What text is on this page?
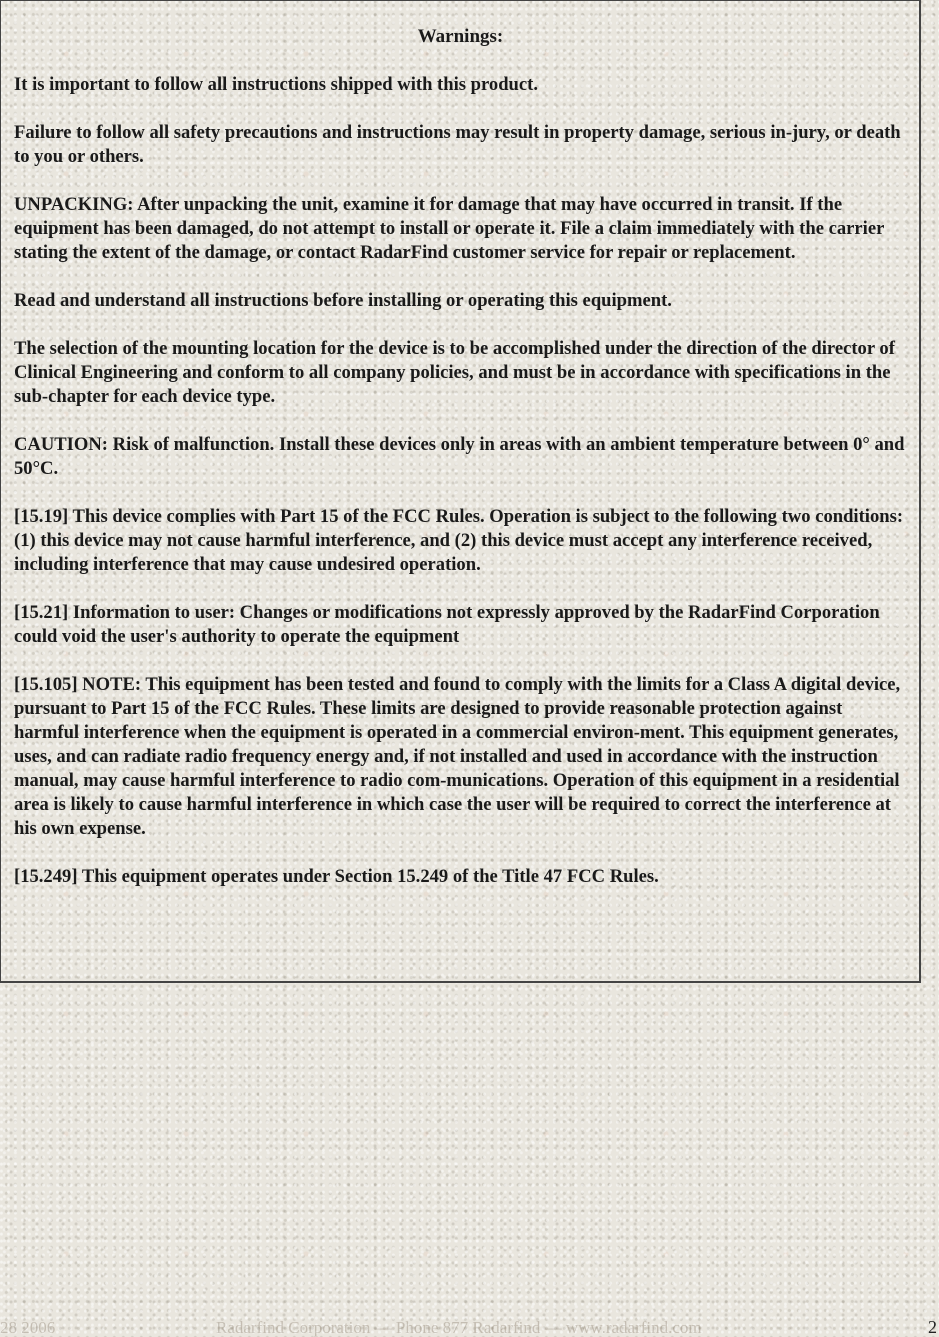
Warnings:

It is important to follow all instructions shipped with this product.

Failure to follow all safety precautions and instructions may result in property damage, serious in-jury, or death to you or others.

UNPACKING: After unpacking the unit, examine it for damage that may have occurred in transit. If the equipment has been damaged, do not attempt to install or operate it. File a claim immediately with the carrier stating the extent of the damage, or contact RadarFind customer service for repair or replacement.

Read and understand all instructions before installing or operating this equipment.

The selection of the mounting location for the device is to be accomplished under the direction of the director of Clinical Engineering and conform to all company policies, and must be in accordance with specifications in the sub-chapter for each device type.

CAUTION: Risk of malfunction. Install these devices only in areas with an ambient temperature between 0° and 50°C.

[15.19] This device complies with Part 15 of the FCC Rules. Operation is subject to the following two conditions: (1) this device may not cause harmful interference, and (2) this device must accept any interference received, including interference that may cause undesired operation.

[15.21] Information to user: Changes or modifications not expressly approved by the RadarFind Corporation could void the user's authority to operate the equipment

[15.105] NOTE: This equipment has been tested and found to comply with the limits for a Class A digital device, pursuant to Part 15 of the FCC Rules. These limits are designed to provide reasonable protection against harmful interference when the equipment is operated in a commercial environ-ment. This equipment generates, uses, and can radiate radio frequency energy and, if not installed and used in accordance with the instruction manual, may cause harmful interference to radio com-munications. Operation of this equipment in a residential area is likely to cause harmful interference in which case the user will be required to correct the interference at his own expense.

[15.249] This equipment operates under Section 15.249 of the Title 47 FCC Rules.

28 2006	Radarfind Corporation — Phone 877 Radarfind — www.radarfind.com	2
